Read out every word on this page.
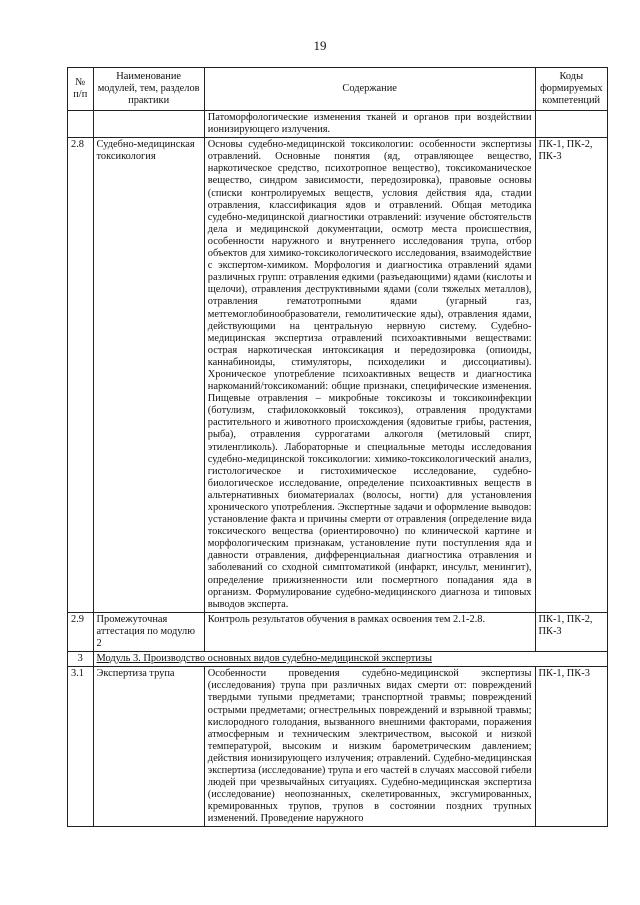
19
№ п/п	Наименование модулей, тем, разделов практики	Содержание	Коды формируемых компетенций
		Патоморфологические изменения тканей и органов при воздействии ионизирующего излучения.	
2.8	Судебно-медицинская токсикология	Основы судебно-медицинской токсикологии: особенности экспертизы отравлений. Основные понятия (яд, отравляющее вещество, наркотическое средство, психотропное вещество), токсикоманическое вещество, синдром зависимости, передозировка), правовые основы (списки контролируемых веществ, условия действия яда, стадии отравления, классификация ядов и отравлений. Общая методика судебно-медицинской диагностики отравлений: изучение обстоятельств дела и медицинской документации, осмотр места происшествия, особенности наружного и внутреннего исследования трупа, отбор объектов для химико-токсикологического исследования, взаимодействие с экспертом-химиком. Морфология и диагностика отравлений ядами различных групп: отравления едкими (разъедающими) ядами (кислоты и щелочи), отравления деструктивными ядами (соли тяжелых металлов), отравления гематотропными ядами (угарный газ, метгемоглобинообразователи, гемолитические яды), отравления ядами, действующими на центральную нервную систему. Судебно-медицинская экспертиза отравлений психоактивными веществами: острая наркотическая интоксикация и передозировка (опиоиды, каннабиноиды, стимуляторы, психоделики и диссоциативы). Хроническое употребление психоактивных веществ и диагностика наркоманий/токсикоманий: общие признаки, специфические изменения. Пищевые отравления – микробные токсикозы и токсикоинфекции (ботулизм, стафилококковый токсикоз), отравления продуктами растительного и животного происхождения (ядовитые грибы, растения, рыба), отравления суррогатами алкоголя (метиловый спирт, этиленгликоль). Лабораторные и специальные методы исследования судебно-медицинской токсикологии: химико-токсикологический анализ, гистологическое и гистохимическое исследование, судебно-биологическое исследование, определение психоактивных веществ в альтернативных биоматериалах (волосы, ногти) для установления хронического употребления. Экспертные задачи и оформление выводов: установление факта и причины смерти от отравления (определение вида токсического вещества (ориентировочно) по клинической картине и морфологическим признакам, установление пути поступления яда и давности отравления, дифференциальная диагностика отравления и заболеваний со сходной симптоматикой (инфаркт, инсульт, менингит), определение прижизненности или посмертного попадания яда в организм. Формулирование судебно-медицинского диагноза и типовых выводов эксперта.	ПК-1, ПК-2, ПК-3
2.9	Промежуточная аттестация по модулю 2	Контроль результатов обучения в рамках освоения тем 2.1-2.8.	ПК-1, ПК-2, ПК-3
3	Модуль 3. Производство основных видов судебно-медицинской экспертизы		
3.1	Экспертиза трупа	Особенности проведения судебно-медицинской экспертизы (исследования) трупа при различных видах смерти от: повреждений твердыми тупыми предметами; транспортной травмы; повреждений острыми предметами; огнестрельных повреждений и взрывной травмы; кислородного голодания, вызванного внешними факторами, поражения атмосферным и техническим электричеством, высокой и низкой температурой, высоким и низким барометрическим давлением; действия ионизирующего излучения; отравлений. Судебно-медицинская экспертиза (исследование) трупа и его частей в случаях массовой гибели людей при чрезвычайных ситуациях. Судебно-медицинская экспертиза (исследование) неопознанных, скелетированных, эксгумированных, кремированных трупов, трупов в состоянии поздних трупных изменений. Проведение наружного	ПК-1, ПК-3
